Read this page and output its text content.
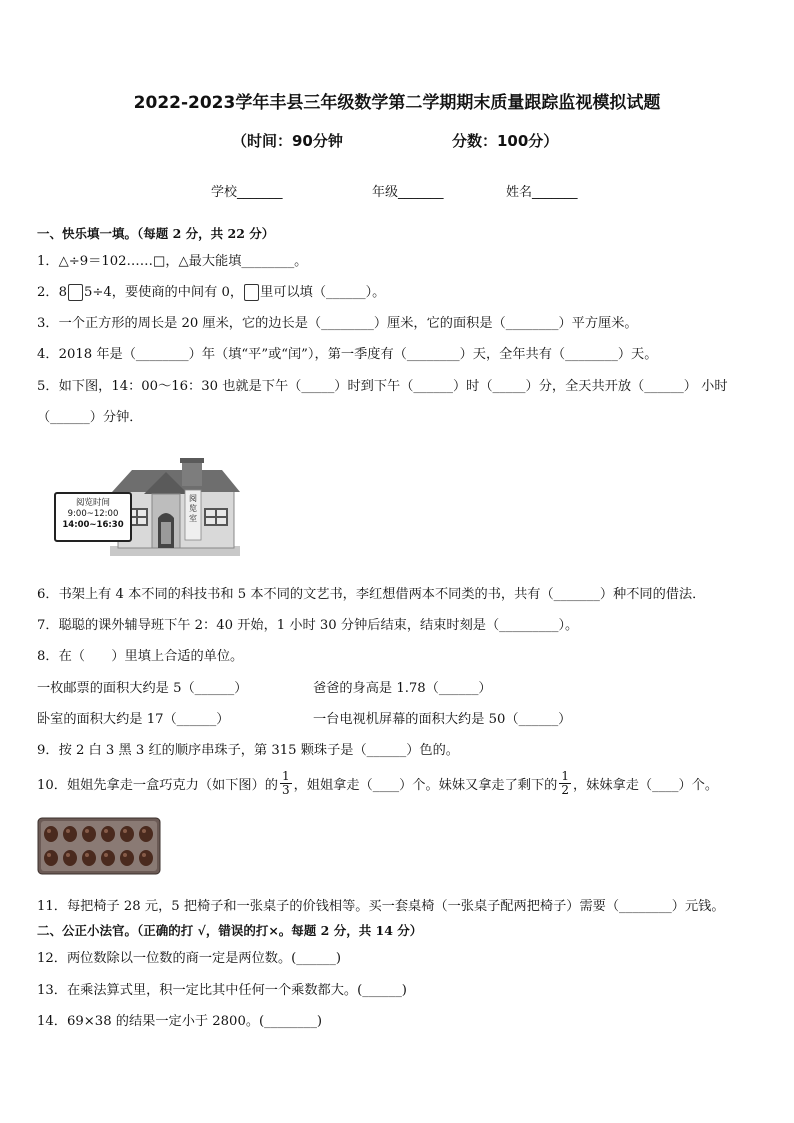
2022-2023学年丰县三年级数学第二学期期末质量跟踪监视模拟试题
（时间：90分钟	分数：100分）
学校_______	年级_______	姓名_______
一、快乐填一填。（每题 2 分，共 22 分）
1．△÷9＝102……□，△最大能填________。
2．8 5÷4，要使商的中间有 0， 里可以填（______）。
3．一个正方形的周长是 20 厘米，它的边长是（________）厘米，它的面积是（________）平方厘米。
4．2018 年是（________）年（填“平”或“闰”），第一季度有（________）天，全年共有（________）天。
5．如下图，14：00～16：30 也就是下午（_____）时到下午（______）时（_____）分，全天共开放（______） 小时
（______）分钟．
阅览室
阅览时间
9:00~12:00
14:00~16:30
6．书架上有 4 本不同的科技书和 5 本不同的文艺书，李红想借两本不同类的书，共有（_______）种不同的借法．
7．聪聪的课外辅导班下午 2：40 开始，1 小时 30 分钟后结束，结束时刻是（_________）。
8．在（　　）里填上合适的单位。
一枚邮票的面积大约是 5（______）	爸爸的身高是 1.78（______）
卧室的面积大约是 17（______）	一台电视机屏幕的面积大约是 50（______）
9．按 2 白 3 黑 3 红的顺序串珠子，第 315 颗珠子是（______）色的。
10．姐姐先拿走一盒巧克力（如下图）的 $\frac{1}{3}$ ，姐姐拿走（____）个。妹妹又拿走了剩下的 $\frac{1}{2}$ ，妹妹拿走（____）个。
11．每把椅子 28 元，5 把椅子和一张桌子的价钱相等。买一套桌椅（一张桌子配两把椅子）需要（________）元钱。
二、公正小法官。（正确的打 √，错误的打×。每题 2 分，共 14 分）
12．两位数除以一位数的商一定是两位数。(______)
13．在乘法算式里，积一定比其中任何一个乘数都大。(______)
14．69×38 的结果一定小于 2800。(________)
